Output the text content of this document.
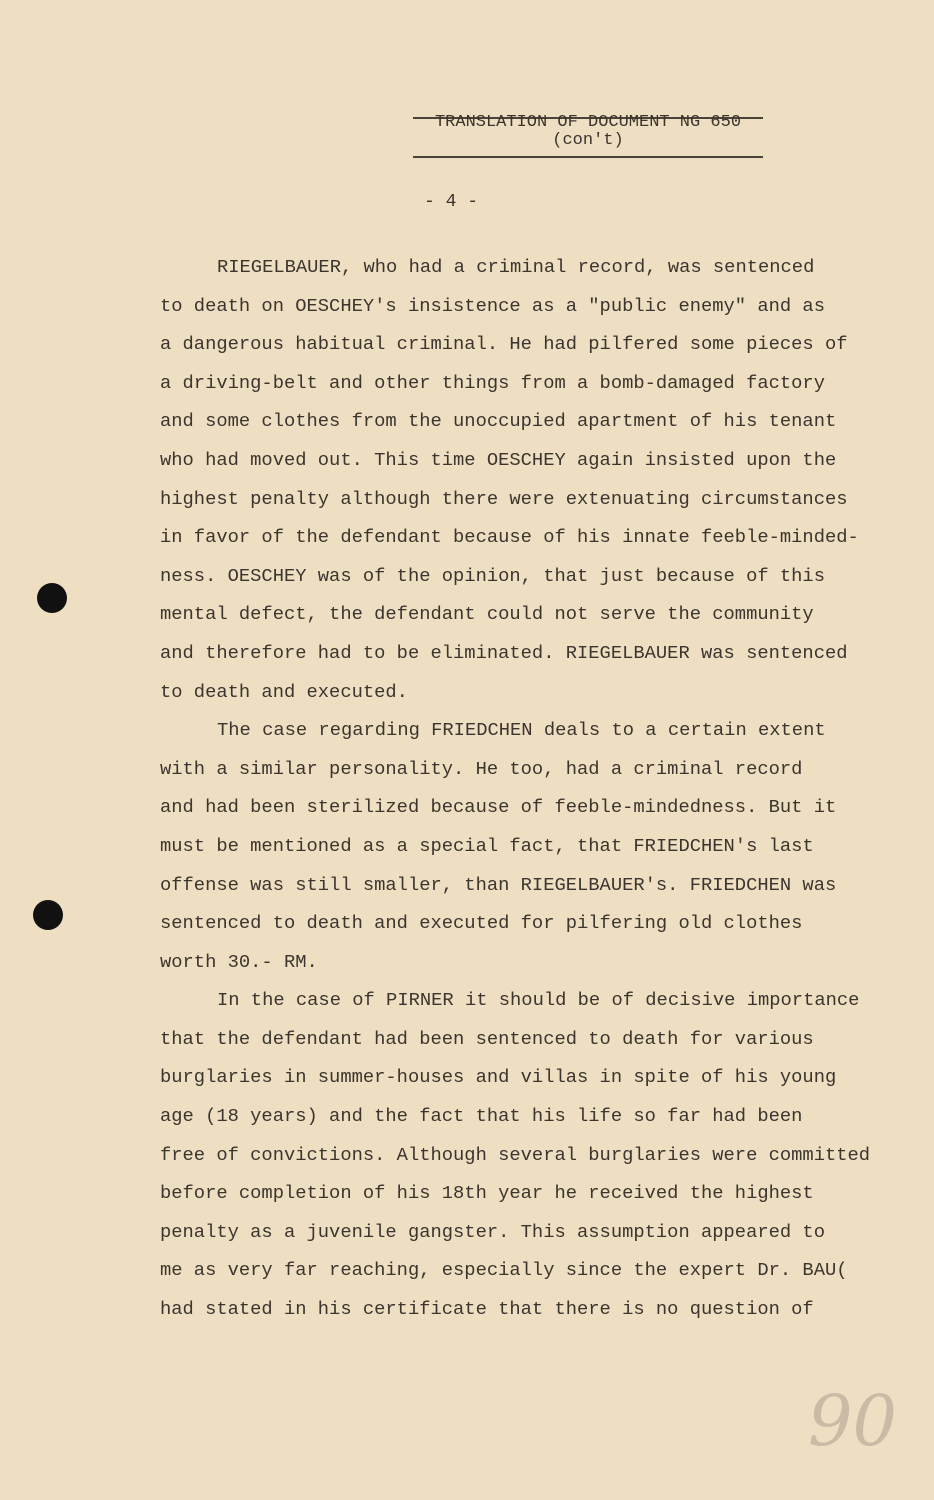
TRANSLATION OF DOCUMENT NG 650
(con't)
- 4 -
RIEGELBAUER, who had a criminal record, was sentenced
to death on OESCHEY's insistence as a "public enemy" and as
a dangerous habitual criminal. He had pilfered some pieces of
a driving-belt and other things from a bomb-damaged factory
and some clothes from the unoccupied apartment of his tenant
who had moved out. This time OESCHEY again insisted upon the
highest penalty although there were extenuating circumstances
in favor of the defendant because of his innate feeble-minded-
ness. OESCHEY was of the opinion, that just because of this
mental defect, the defendant could not serve the community
and therefore had to be eliminated. RIEGELBAUER was sentenced
to death and executed.
The case regarding FRIEDCHEN deals to a certain extent
with a similar personality. He too, had a criminal record
and had been sterilized because of feeble-mindedness. But it
must be mentioned as a special fact, that FRIEDCHEN's last
offense was still smaller, than RIEGELBAUER's. FRIEDCHEN was
sentenced to death and executed for pilfering old clothes
worth 30.- RM.
In the case of PIRNER it should be of decisive importance
that the defendant had been sentenced to death for various
burglaries in summer-houses and villas in spite of his young
age (18 years) and the fact that his life so far had been
free of convictions. Although several burglaries were committed
before completion of his 18th year he received the highest
penalty as a juvenile gangster. This assumption appeared to
me as very far reaching, especially since the expert Dr. BAU(
had stated in his certificate that there is no question of
90
